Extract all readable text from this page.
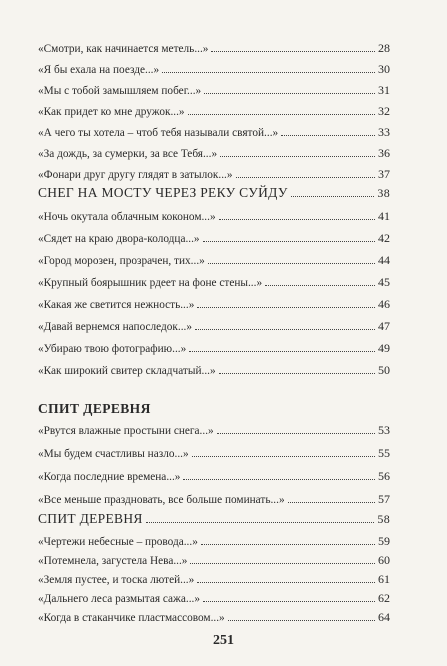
«Смотри, как начинается метель...»	28
«Я бы ехала на поезде...»	30
«Мы с тобой замышляем побег...»	31
«Как придет ко мне дружок...»	32
«А чего ты хотела – чтоб тебя называли святой...»	33
«За дождь, за сумерки, за все Тебя...»	36
«Фонари друг другу глядят в затылок...»	37
СНЕГ НА МОСТУ ЧЕРЕЗ РЕКУ СУЙДУ	38
«Ночь окутала облачным коконом...»	41
«Сядет на краю двора-колодца...»	42
«Город морозен, прозрачен, тих...»	44
«Крупный боярышник рдеет на фоне стены...»	45
«Какая же светится нежность...»	46
«Давай вернемся напоследок...»	47
«Убираю твою фотографию...»	49
«Как широкий свитер складчатый...»	50
СПИТ ДЕРЕВНЯ
«Рвутся влажные простыни снега...»	53
«Мы будем счастливы назло...»	55
«Когда последние времена...»	56
«Все меньше праздновать, все больше поминать...»	57
СПИТ ДЕРЕВНЯ	58
«Чертежи небесные – провода...»	59
«Потемнела, загустела Нева...»	60
«Земля пустее, и тоска лютей...»	61
«Дальнего леса размытая сажа...»	62
251
«Когда в стаканчике пластмассовом...»	64
